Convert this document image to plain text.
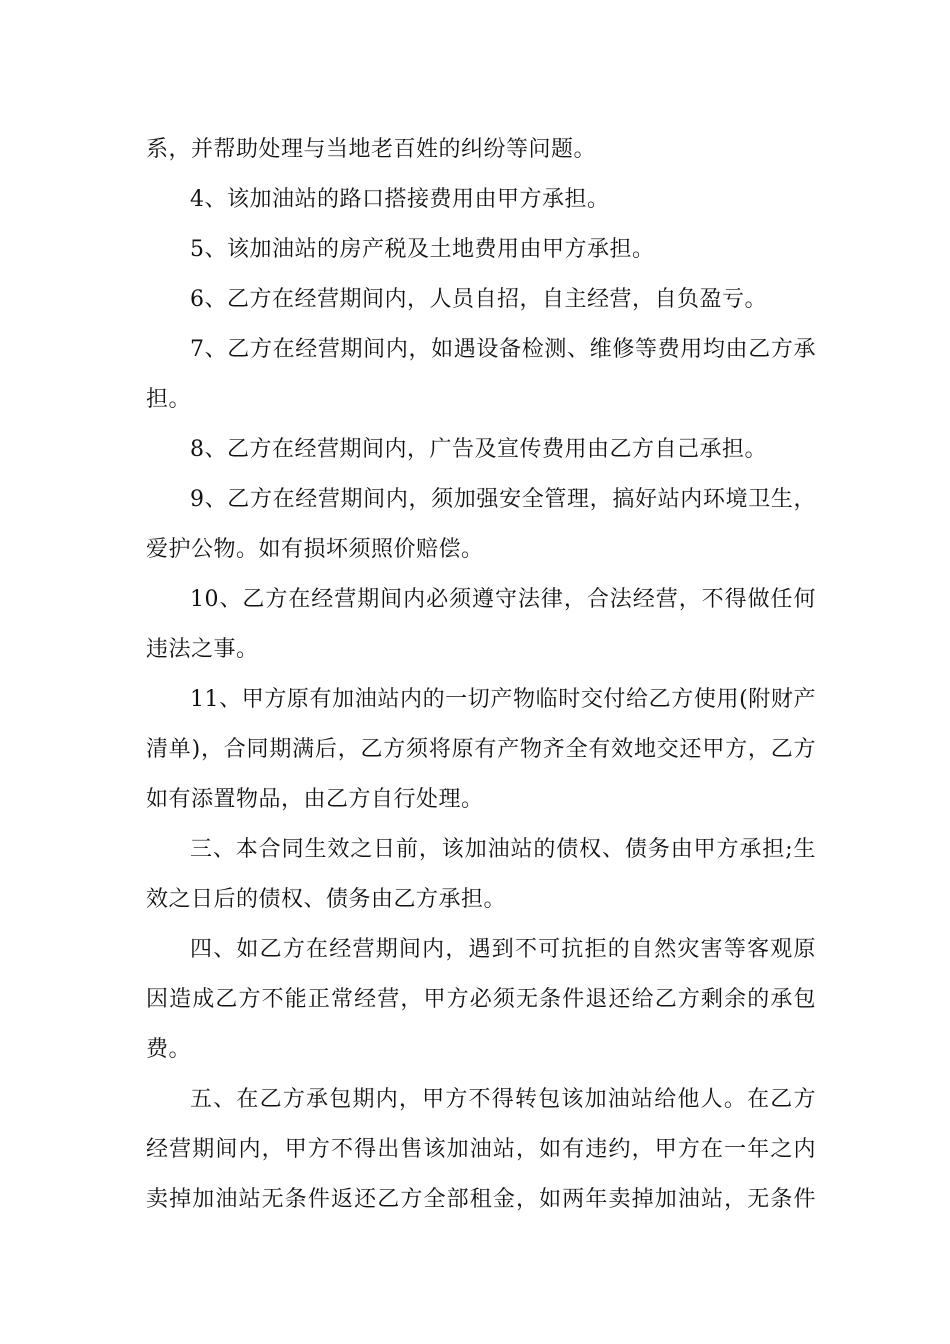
系，并帮助处理与当地老百姓的纠纷等问题。
4、该加油站的路口搭接费用由甲方承担。
5、该加油站的房产税及土地费用由甲方承担。
6、乙方在经营期间内，人员自招，自主经营，自负盈亏。
7、乙方在经营期间内，如遇设备检测、维修等费用均由乙方承
担。
8、乙方在经营期间内，广告及宣传费用由乙方自己承担。
9、乙方在经营期间内，须加强安全管理，搞好站内环境卫生，
爱护公物。如有损坏须照价赔偿。
10、乙方在经营期间内必须遵守法律，合法经营，不得做任何
违法之事。
11、甲方原有加油站内的一切产物临时交付给乙方使用(附财产
清单)，合同期满后，乙方须将原有产物齐全有效地交还甲方，乙方
如有添置物品，由乙方自行处理。
三、本合同生效之日前，该加油站的债权、债务由甲方承担;生
效之日后的债权、债务由乙方承担。
四、如乙方在经营期间内，遇到不可抗拒的自然灾害等客观原
因造成乙方不能正常经营，甲方必须无条件退还给乙方剩余的承包
费。
五、在乙方承包期内，甲方不得转包该加油站给他人。在乙方
经营期间内，甲方不得出售该加油站，如有违约，甲方在一年之内
卖掉加油站无条件返还乙方全部租金，如两年卖掉加油站，无条件
